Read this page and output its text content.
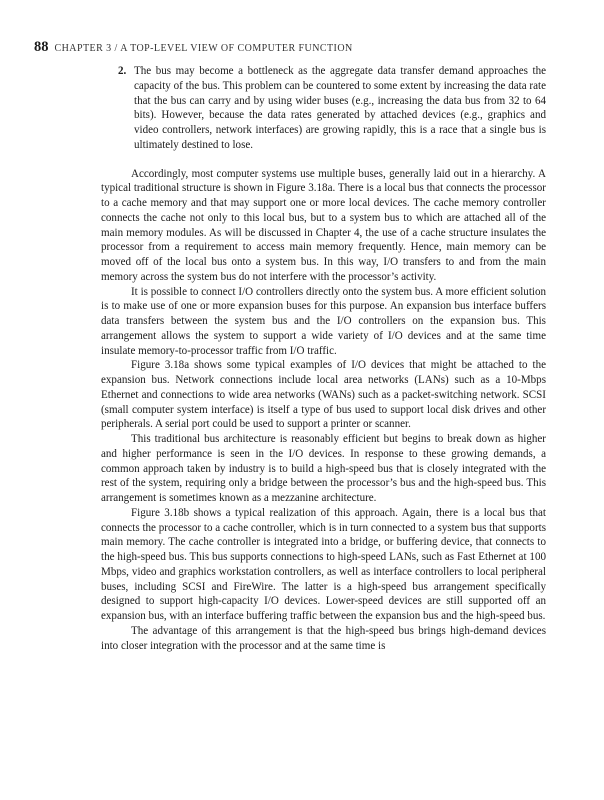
88 CHAPTER 3 / A TOP-LEVEL VIEW OF COMPUTER FUNCTION
2. The bus may become a bottleneck as the aggregate data transfer demand approaches the capacity of the bus. This problem can be countered to some extent by increasing the data rate that the bus can carry and by using wider buses (e.g., increasing the data bus from 32 to 64 bits). However, because the data rates generated by attached devices (e.g., graphics and video controllers, network interfaces) are growing rapidly, this is a race that a single bus is ultimately destined to lose.

Accordingly, most computer systems use multiple buses, generally laid out in a hierarchy. A typical traditional structure is shown in Figure 3.18a. There is a local bus that connects the processor to a cache memory and that may support one or more local devices. The cache memory controller connects the cache not only to this local bus, but to a system bus to which are attached all of the main memory modules. As will be discussed in Chapter 4, the use of a cache structure insulates the processor from a requirement to access main memory frequently. Hence, main memory can be moved off of the local bus onto a system bus. In this way, I/O transfers to and from the main memory across the system bus do not interfere with the processor’s activity.

It is possible to connect I/O controllers directly onto the system bus. A more efficient solution is to make use of one or more expansion buses for this purpose. An expansion bus interface buffers data transfers between the system bus and the I/O controllers on the expansion bus. This arrangement allows the system to support a wide variety of I/O devices and at the same time insulate memory-to-processor traffic from I/O traffic.

Figure 3.18a shows some typical examples of I/O devices that might be attached to the expansion bus. Network connections include local area networks (LANs) such as a 10-Mbps Ethernet and connections to wide area networks (WANs) such as a packet-switching network. SCSI (small computer system interface) is itself a type of bus used to support local disk drives and other peripherals. A serial port could be used to support a printer or scanner.

This traditional bus architecture is reasonably efficient but begins to break down as higher and higher performance is seen in the I/O devices. In response to these growing demands, a common approach taken by industry is to build a high-speed bus that is closely integrated with the rest of the system, requiring only a bridge between the processor’s bus and the high-speed bus. This arrangement is sometimes known as a mezzanine architecture.

Figure 3.18b shows a typical realization of this approach. Again, there is a local bus that connects the processor to a cache controller, which is in turn connected to a system bus that supports main memory. The cache controller is integrated into a bridge, or buffering device, that connects to the high-speed bus. This bus supports connections to high-speed LANs, such as Fast Ethernet at 100 Mbps, video and graphics workstation controllers, as well as interface controllers to local peripheral buses, including SCSI and FireWire. The latter is a high-speed bus arrangement specifically designed to support high-capacity I/O devices. Lower-speed devices are still supported off an expansion bus, with an interface buffering traffic between the expansion bus and the high-speed bus.

The advantage of this arrangement is that the high-speed bus brings high-demand devices into closer integration with the processor and at the same time is
